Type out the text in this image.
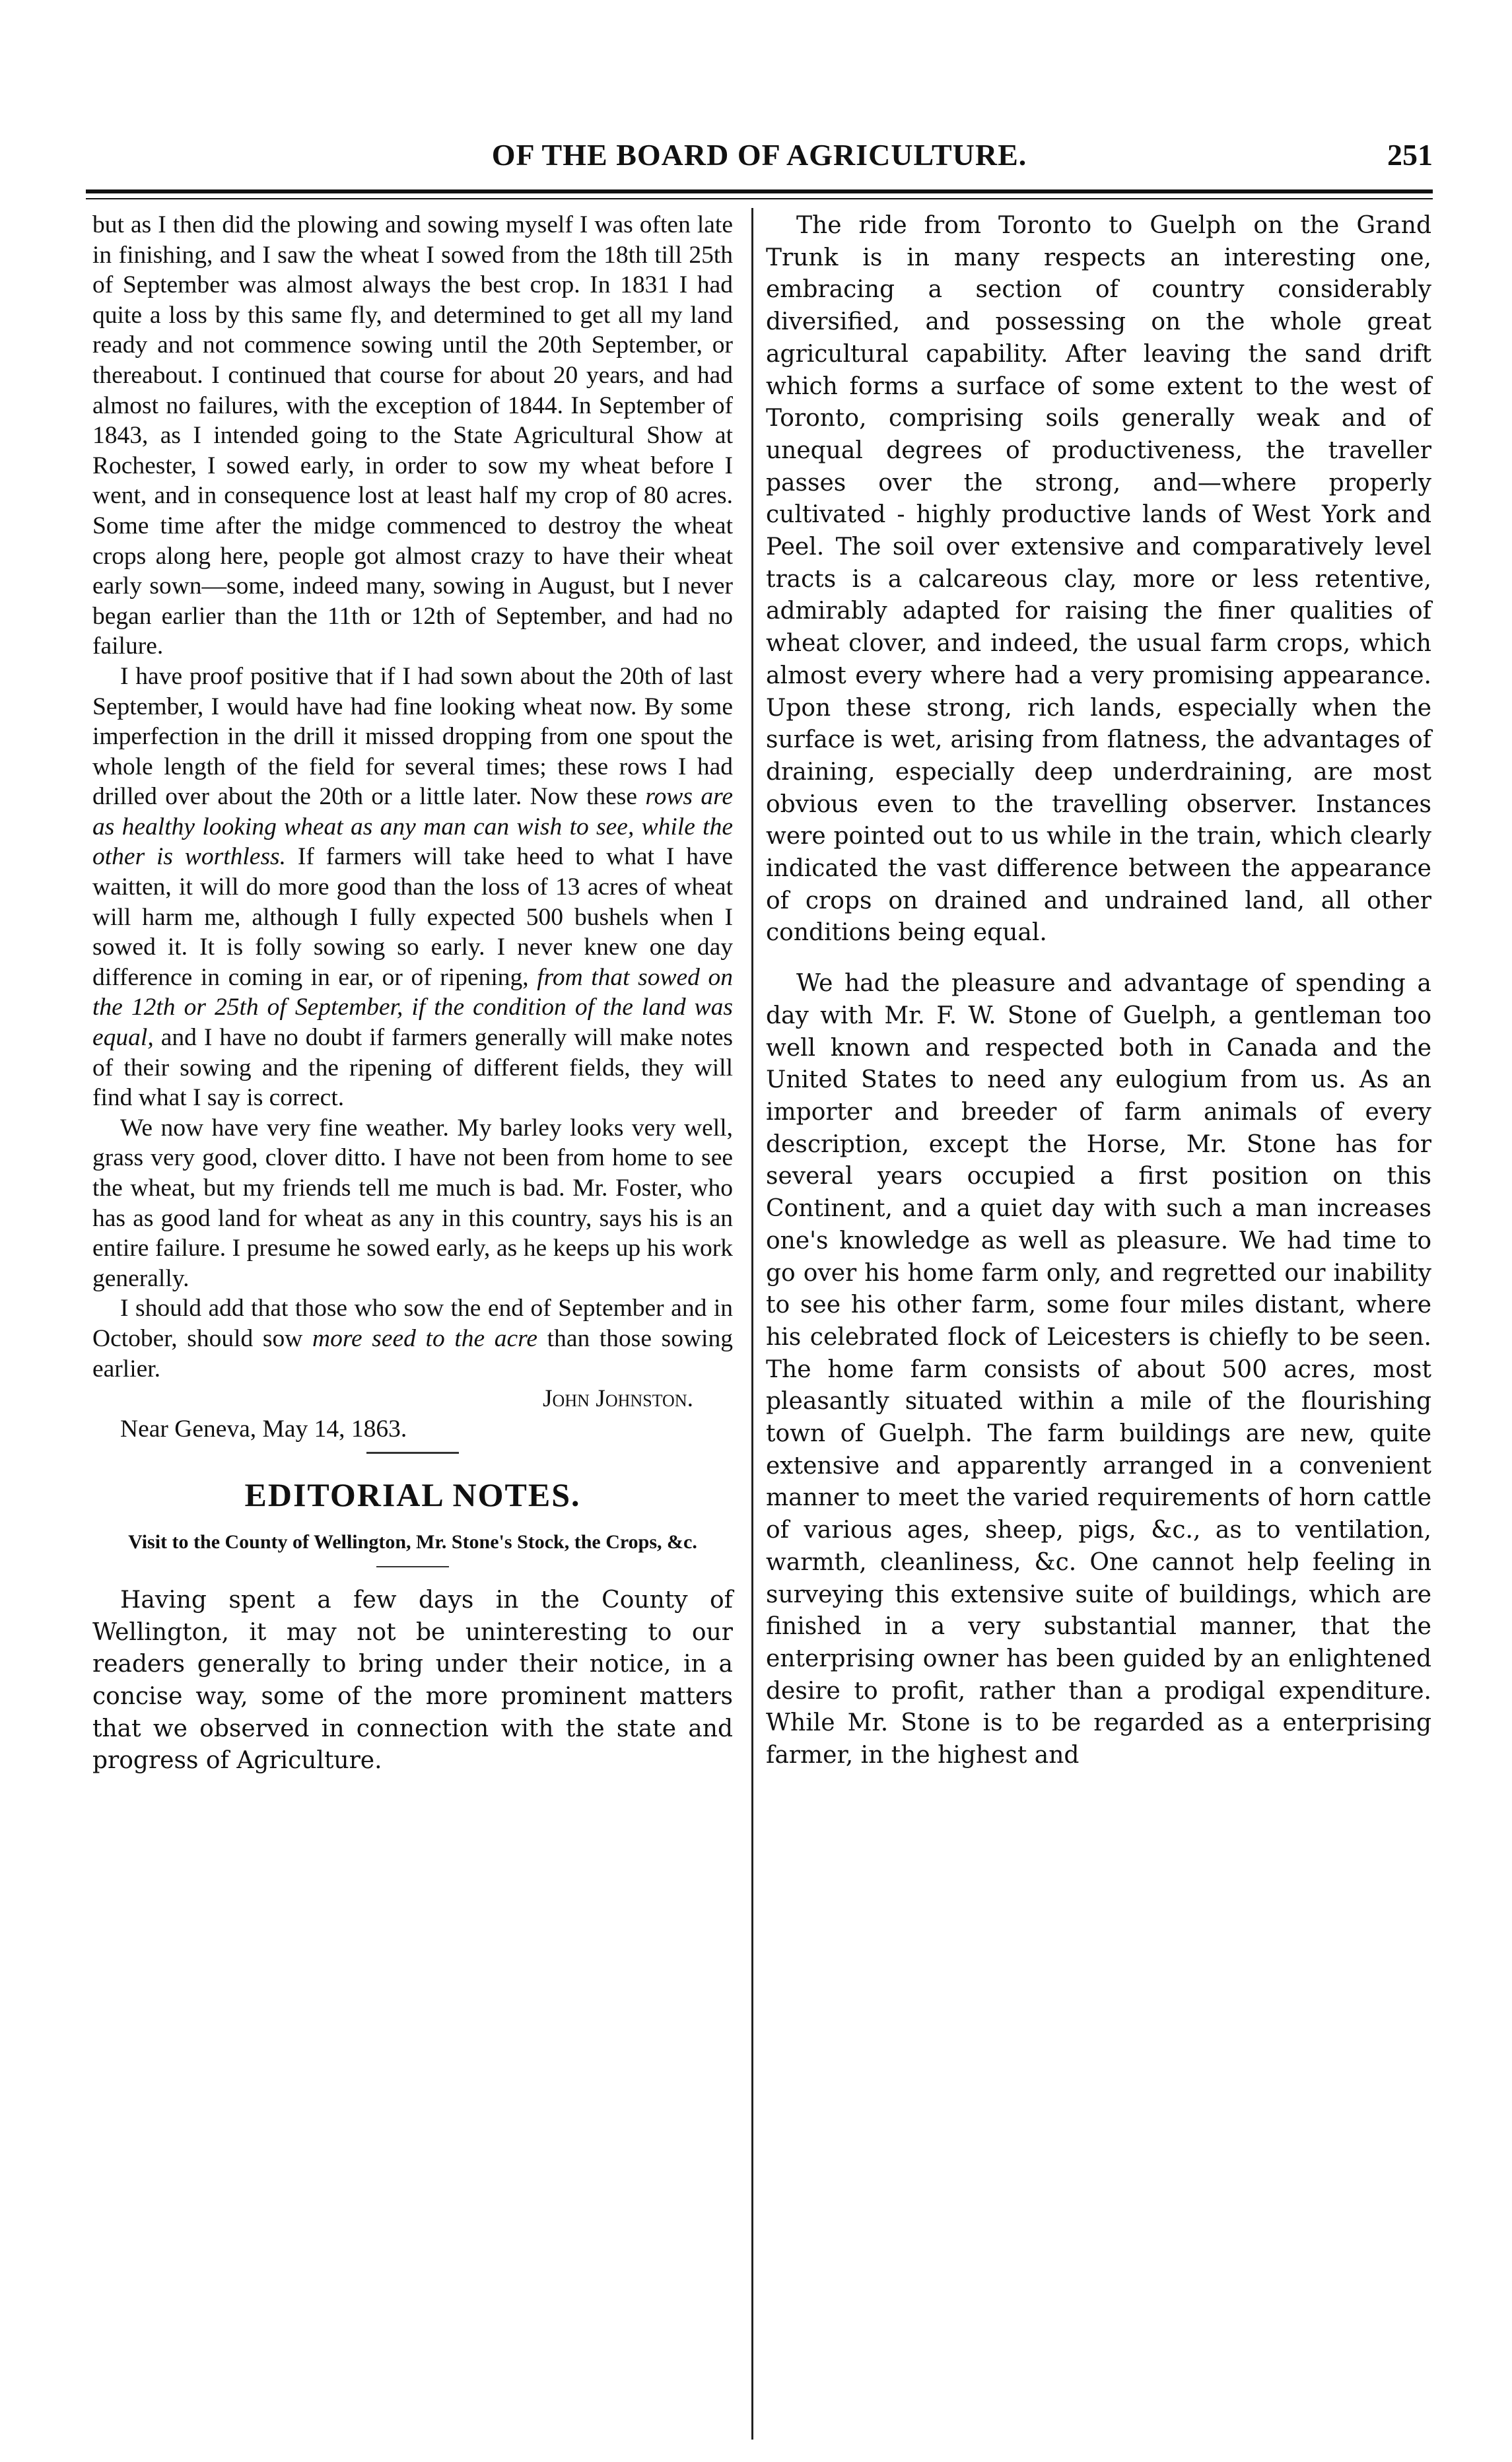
OF THE BOARD OF AGRICULTURE.	251

but as I then did the plowing and sowing myself I was often late in finishing, and I saw the wheat I sowed from the 18th till 25th of September was almost always the best crop. In 1831 I had quite a loss by this same fly, and determined to get all my land ready and not commence sowing until the 20th September, or thereabout. I continued that course for about 20 years, and had almost no failures, with the exception of 1844. In September of 1843, as I intended going to the State Agricultural Show at Rochester, I sowed early, in order to sow my wheat before I went, and in consequence lost at least half my crop of 80 acres. Some time after the midge commenced to destroy the wheat crops along here, people got almost crazy to have their wheat early sown—some, indeed many, sowing in August, but I never began earlier than the 11th or 12th of September, and had no failure.

I have proof positive that if I had sown about the 20th of last September, I would have had fine looking wheat now. By some imperfection in the drill it missed dropping from one spout the whole length of the field for several times; these rows I had drilled over about the 20th or a little later. Now these rows are as healthy looking wheat as any man can wish to see, while the other is worthless. If farmers will take heed to what I have waitten, it will do more good than the loss of 13 acres of wheat will harm me, although I fully expected 500 bushels when I sowed it. It is folly sowing so early. I never knew one day difference in coming in ear, or of ripening, from that sowed on the 12th or 25th of September, if the condition of the land was equal, and I have no doubt if farmers generally will make notes of their sowing and the ripening of different fields, they will find what I say is correct.

We now have very fine weather. My barley looks very well, grass very good, clover ditto. I have not been from home to see the wheat, but my friends tell me much is bad. Mr. Foster, who has as good land for wheat as any in this country, says his is an entire failure. I presume he sowed early, as he keeps up his work generally.

I should add that those who sow the end of September and in October, should sow more seed to the acre than those sowing earlier.

John Johnston.

Near Geneva, May 14, 1863.

EDITORIAL NOTES.
Visit to the County of Wellington, Mr. Stone's Stock, the Crops, &c.

Having spent a few days in the County of Wellington, it may not be uninteresting to our readers generally to bring under their notice, in a concise way, some of the more prominent matters that we observed in connection with the state and progress of Agriculture.

The ride from Toronto to Guelph on the Grand Trunk is in many respects an interesting one, embracing a section of country considerably diversified, and possessing on the whole great agricultural capability. After leaving the sand drift which forms a surface of some extent to the west of Toronto, comprising soils generally weak and of unequal degrees of productiveness, the traveller passes over the strong, and—where properly cultivated - highly productive lands of West York and Peel. The soil over extensive and comparatively level tracts is a calcareous clay, more or less retentive, admirably adapted for raising the finer qualities of wheat clover, and indeed, the usual farm crops, which almost every where had a very promising appearance. Upon these strong, rich lands, especially when the surface is wet, arising from flatness, the advantages of draining, especially deep underdraining, are most obvious even to the travelling observer. Instances were pointed out to us while in the train, which clearly indicated the vast difference between the appearance of crops on drained and undrained land, all other conditions being equal.

We had the pleasure and advantage of spending a day with Mr. F. W. Stone of Guelph, a gentleman too well known and respected both in Canada and the United States to need any eulogium from us. As an importer and breeder of farm animals of every description, except the Horse, Mr. Stone has for several years occupied a first position on this Continent, and a quiet day with such a man increases one's knowledge as well as pleasure. We had time to go over his home farm only, and regretted our inability to see his other farm, some four miles distant, where his celebrated flock of Leicesters is chiefly to be seen. The home farm consists of about 500 acres, most pleasantly situated within a mile of the flourishing town of Guelph. The farm buildings are new, quite extensive and apparently arranged in a convenient manner to meet the varied requirements of horn cattle of various ages, sheep, pigs, &c., as to ventilation, warmth, cleanliness, &c. One cannot help feeling in surveying this extensive suite of buildings, which are finished in a very substantial manner, that the enterprising owner has been guided by an enlightened desire to profit, rather than a prodigal expenditure. While Mr. Stone is to be regarded as a enterprising farmer, in the highest and
